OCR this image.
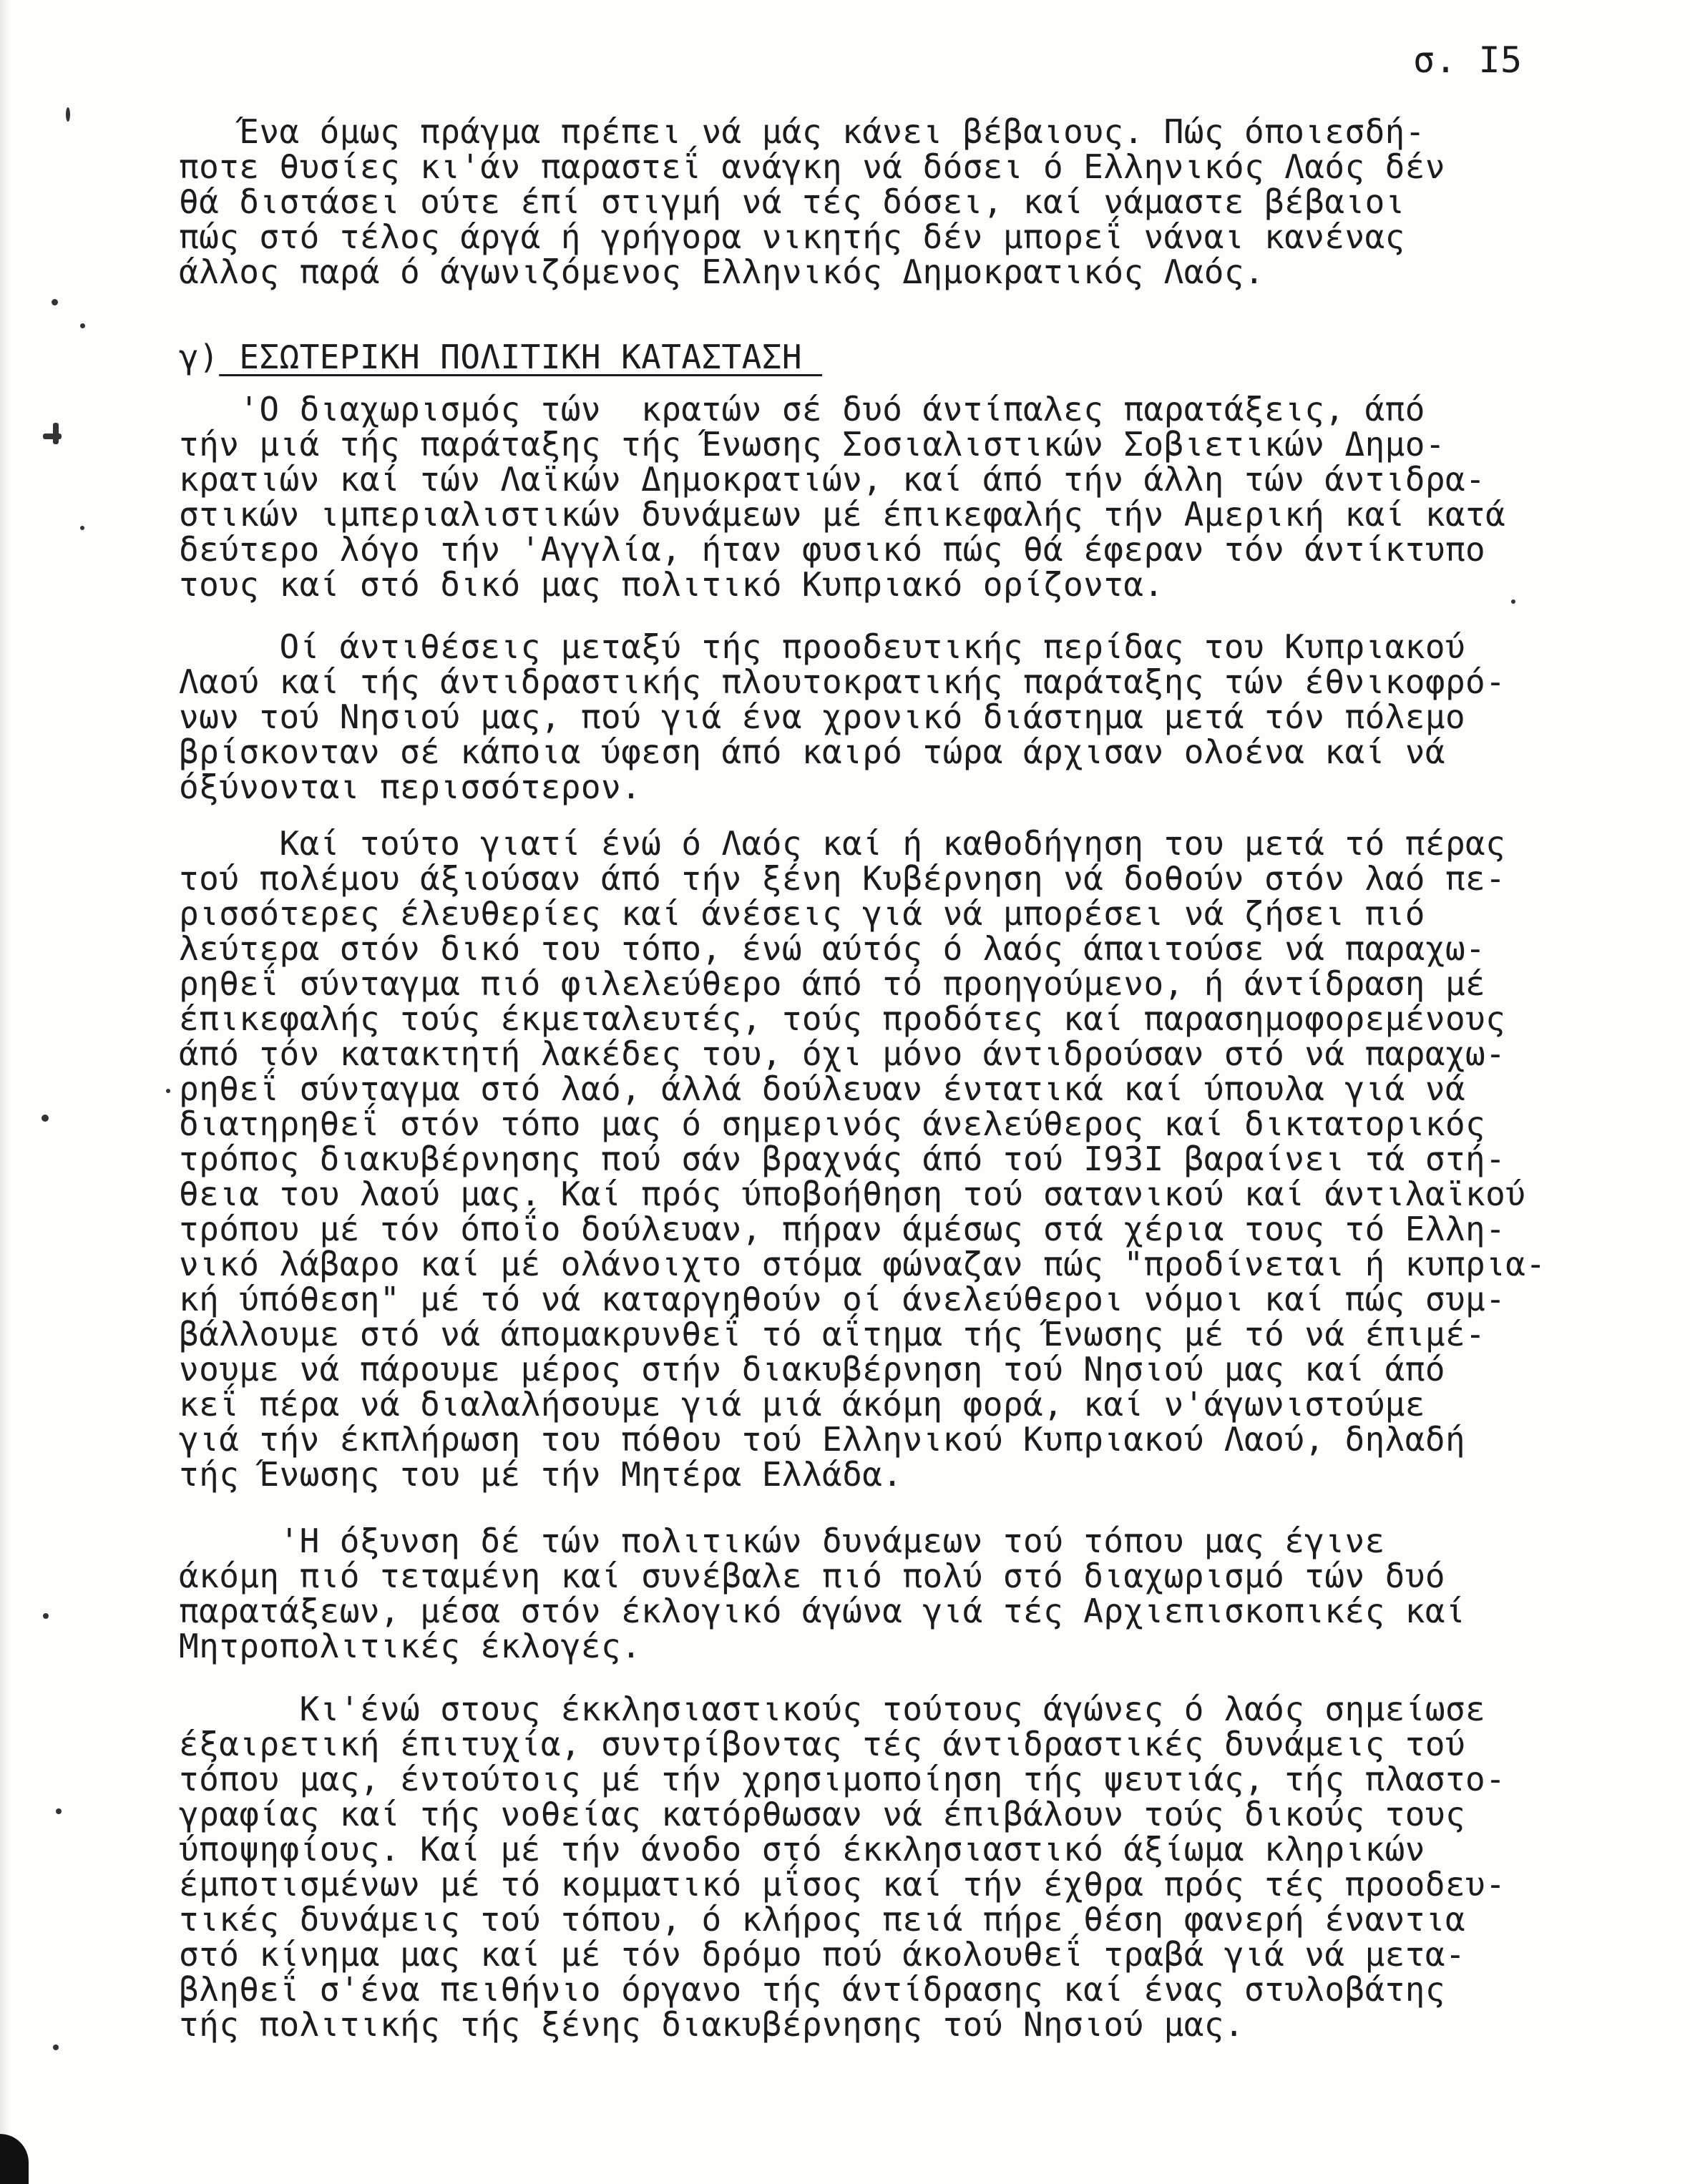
σ. I5

Ένα όμως πράγμα πρέπει νά μάς κάνει βέβαιους. Πώς όποιεσδή-
ποτε θυσίες κι'άν παραστεΐ ανάγκη νά δόσει ό Ελληνικός Λαός δέν
θά διστάσει ούτε έπί στιγμή νά τές δόσει, καί νάμαστε βέβαιοι
πώς στό τέλος άργά ή γρήγορα νικητής δέν μπορεΐ νάναι κανένας
άλλος παρά ό άγωνιζόμενος Ελληνικός Δημοκρατικός Λαός.

γ) ΕΣΩΤΕΡΙΚΗ ΠΟΛΙΤΙΚΗ ΚΑΤΑΣΤΑΣΗ

'Ο διαχωρισμός τών  κρατών σέ δυό άντίπαλες παρατάξεις, άπό
τήν μιά τής παράταξης τής Ένωσης Σοσιαλιστικών Σοβιετικών Δημο-
κρατιών καί τών Λαϊκών Δημοκρατιών, καί άπό τήν άλλη τών άντιδρα-
στικών ιμπεριαλιστικών δυνάμεων μέ έπικεφαλής τήν Αμερική καί κατά
δεύτερο λόγο τήν 'Αγγλία, ήταν φυσικό πώς θά έφεραν τόν άντίκτυπο
τους καί στό δικό μας πολιτικό Κυπριακό ορίζοντα.

Οί άντιθέσεις μεταξύ τής προοδευτικής περίδας του Κυπριακού
Λαού καί τής άντιδραστικής πλουτοκρατικής παράταξης τών έθνικοφρό-
νων τού Νησιού μας, πού γιά ένα χρονικό διάστημα μετά τόν πόλεμο
βρίσκονταν σέ κάποια ύφεση άπό καιρό τώρα άρχισαν ολοένα καί νά
όξύνονται περισσότερον.

Καί τούτο γιατί ένώ ό Λαός καί ή καθοδήγηση του μετά τό πέρας
τού πολέμου άξιούσαν άπό τήν ξένη Κυβέρνηση νά δοθούν στόν λαό πε-
ρισσότερες έλευθερίες καί άνέσεις γιά νά μπορέσει νά ζήσει πιό
λεύτερα στόν δικό του τόπο, ένώ αύτός ό λαός άπαιτούσε νά παραχω-
ρηθεΐ σύνταγμα πιό φιλελεύθερο άπό τό προηγούμενο, ή άντίδραση μέ
έπικεφαλής τούς έκμεταλευτές, τούς προδότες καί παρασημοφορεμένους
άπό τόν κατακτητή λακέδες του, όχι μόνο άντιδρούσαν στό νά παραχω-
ρηθεΐ σύνταγμα στό λαό, άλλά δούλευαν έντατικά καί ύπουλα γιά νά
διατηρηθεΐ στόν τόπο μας ό σημερινός άνελεύθερος καί δικτατορικός
τρόπος διακυβέρνησης πού σάν βραχνάς άπό τού I93I βαραίνει τά στή-
θεια του λαού μας. Καί πρός ύποβοήθηση τού σατανικού καί άντιλαϊκού
τρόπου μέ τόν όποΐο δούλευαν, πήραν άμέσως στά χέρια τους τό Ελλη-
νικό λάβαρο καί μέ ολάνοιχτο στόμα φώναζαν πώς "προδίνεται ή κυπρια-
κή ύπόθεση" μέ τό νά καταργηθούν οί άνελεύθεροι νόμοι καί πώς συμ-
βάλλουμε στό νά άπομακρυνθεΐ τό αΐτημα τής Ένωσης μέ τό νά έπιμέ-
νουμε νά πάρουμε μέρος στήν διακυβέρνηση τού Νησιού μας καί άπό
κεΐ πέρα νά διαλαλήσουμε γιά μιά άκόμη φορά, καί ν'άγωνιστούμε
γιά τήν έκπλήρωση του πόθου τού Ελληνικού Κυπριακού Λαού, δηλαδή
τής Ένωσης του μέ τήν Μητέρα Ελλάδα.

'Η όξυνση δέ τών πολιτικών δυνάμεων τού τόπου μας έγινε
άκόμη πιό τεταμένη καί συνέβαλε πιό πολύ στό διαχωρισμό τών δυό
παρατάξεων, μέσα στόν έκλογικό άγώνα γιά τές Αρχιεπισκοπικές καί
Μητροπολιτικές έκλογές.

Κι'ένώ στους έκκλησιαστικούς τούτους άγώνες ό λαός σημείωσε
έξαιρετική έπιτυχία, συντρίβοντας τές άντιδραστικές δυνάμεις τού
τόπου μας, έντούτοις μέ τήν χρησιμοποίηση τής ψευτιάς, τής πλαστο-
γραφίας καί τής νοθείας κατόρθωσαν νά έπιβάλουν τούς δικούς τους
ύποψηφίους. Καί μέ τήν άνοδο στό έκκλησιαστικό άξίωμα κληρικών
έμποτισμένων μέ τό κομματικό μΐσος καί τήν έχθρα πρός τές προοδευ-
τικές δυνάμεις τού τόπου, ό κλήρος πειά πήρε θέση φανερή έναντια
στό κίνημα μας καί μέ τόν δρόμο πού άκολουθεΐ τραβά γιά νά μετα-
βληθεΐ σ'ένα πειθήνιο όργανο τής άντίδρασης καί ένας στυλοβάτης
τής πολιτικής τής ξένης διακυβέρνησης τού Νησιού μας.
